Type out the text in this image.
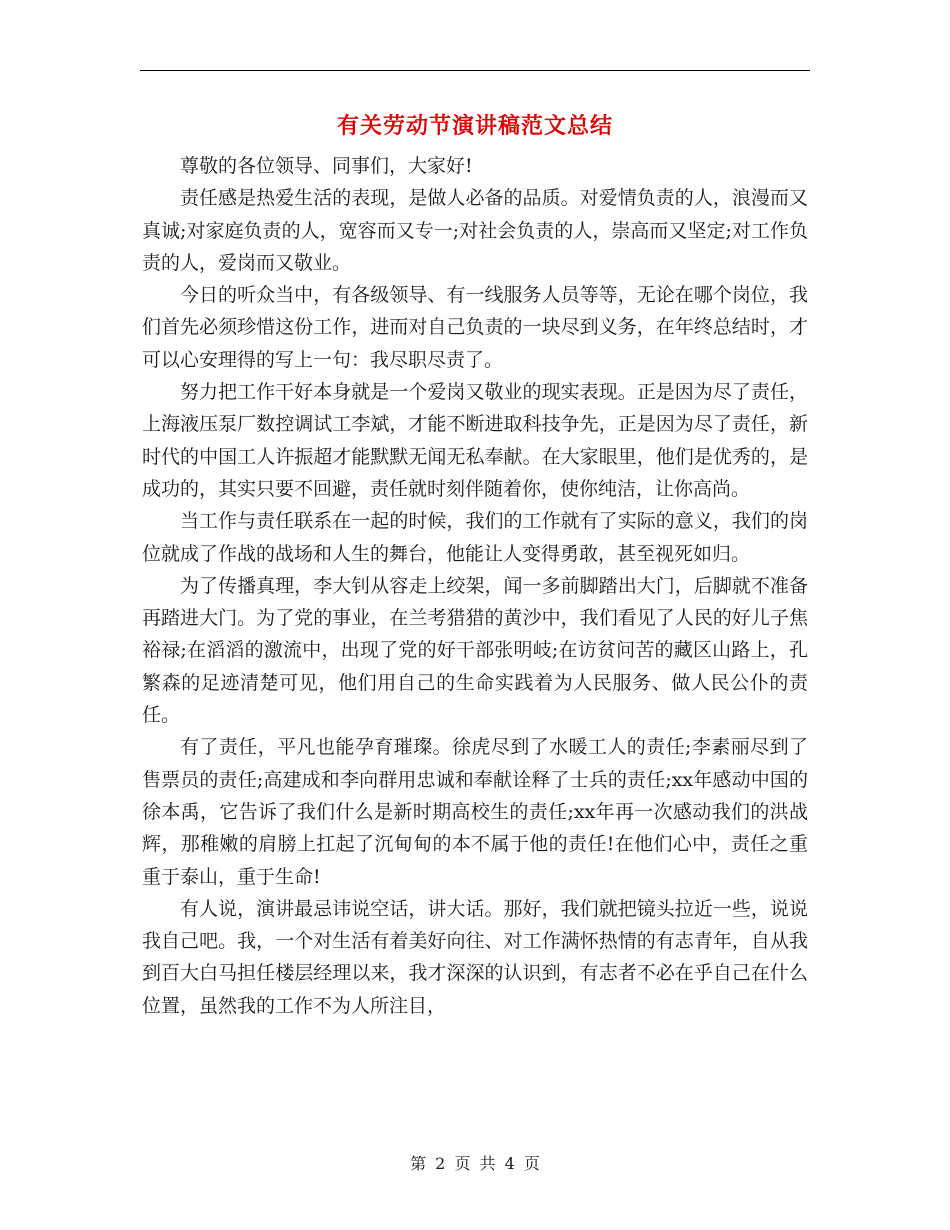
有关劳动节演讲稿范文总结

尊敬的各位领导、同事们，大家好!

责任感是热爱生活的表现，是做人必备的品质。对爱情负责的人，浪漫而又真诚;对家庭负责的人，宽容而又专一;对社会负责的人，崇高而又坚定;对工作负责的人，爱岗而又敬业。

今日的听众当中，有各级领导、有一线服务人员等等，无论在哪个岗位，我们首先必须珍惜这份工作，进而对自己负责的一块尽到义务，在年终总结时，才可以心安理得的写上一句：我尽职尽责了。

努力把工作干好本身就是一个爱岗又敬业的现实表现。正是因为尽了责任，上海液压泵厂数控调试工李斌，才能不断进取科技争先，正是因为尽了责任，新时代的中国工人许振超才能默默无闻无私奉献。在大家眼里，他们是优秀的，是成功的，其实只要不回避，责任就时刻伴随着你，使你纯洁，让你高尚。

当工作与责任联系在一起的时候，我们的工作就有了实际的意义，我们的岗位就成了作战的战场和人生的舞台，他能让人变得勇敢，甚至视死如归。

为了传播真理，李大钊从容走上绞架，闻一多前脚踏出大门，后脚就不准备再踏进大门。为了党的事业，在兰考猎猎的黄沙中，我们看见了人民的好儿子焦裕禄;在滔滔的激流中，出现了党的好干部张明岐;在访贫问苦的藏区山路上，孔繁森的足迹清楚可见，他们用自己的生命实践着为人民服务、做人民公仆的责任。

有了责任，平凡也能孕育璀璨。徐虎尽到了水暖工人的责任;李素丽尽到了售票员的责任;高建成和李向群用忠诚和奉献诠释了士兵的责任;xx年感动中国的徐本禹，它告诉了我们什么是新时期高校生的责任;xx年再一次感动我们的洪战辉，那稚嫩的肩膀上扛起了沉甸甸的本不属于他的责任!在他们心中，责任之重重于泰山，重于生命!

有人说，演讲最忌讳说空话，讲大话。那好，我们就把镜头拉近一些，说说我自己吧。我，一个对生活有着美好向往、对工作满怀热情的有志青年，自从我到百大白马担任楼层经理以来，我才深深的认识到，有志者不必在乎自己在什么位置，虽然我的工作不为人所注目，

第 2 页 共 4 页
